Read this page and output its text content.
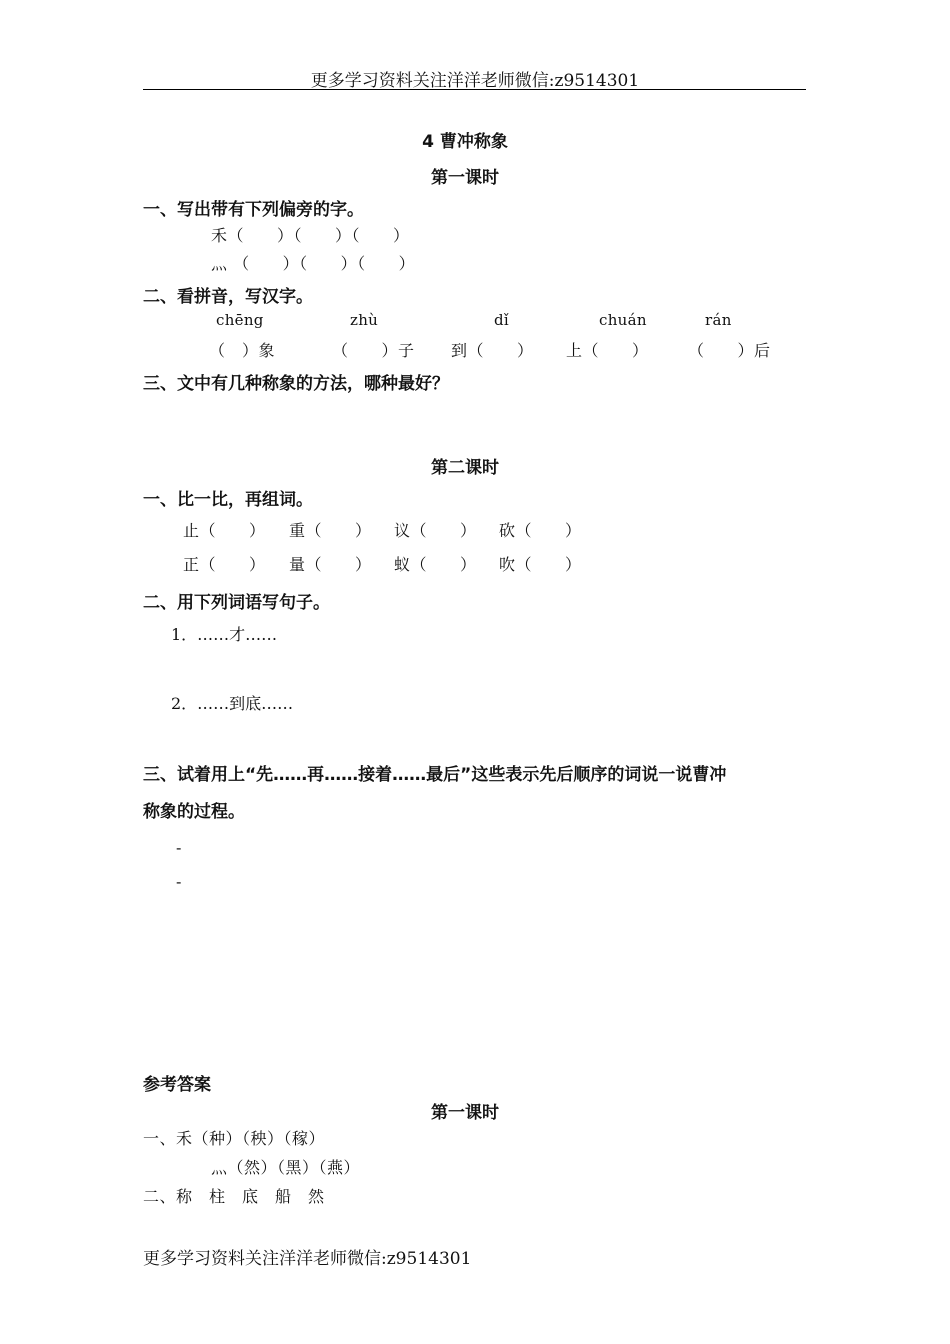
更多学习资料关注洋洋老师微信:z9514301
4 曹冲称象
第一课时
一、写出带有下列偏旁的字。
禾（　　）（　　）（　　）
灬 （　　）（　　）（　　）
二、看拼音，写汉字。
chēng	zhù	dǐ	chuán	rán
（　）象	（　　）子 到（　　） 上（　　） （　　）后
三、文中有几种称象的方法，哪种最好？
第二课时
一、比一比，再组词。
止（　　） 重（　　） 议（　　） 砍（　　）
正（　　） 量（　　） 蚁（　　） 吹（　　）
二、用下列词语写句子。
1．……才……
2．……到底……
三、试着用上“先……再……接着……最后”这些表示先后顺序的词说一说曹冲
称象的过程。
-
-
参考答案
第一课时
一、禾（种）（秧）（稼）
灬（然）（黑）（燕）
二、称　柱　底　船　然
更多学习资料关注洋洋老师微信:z9514301
